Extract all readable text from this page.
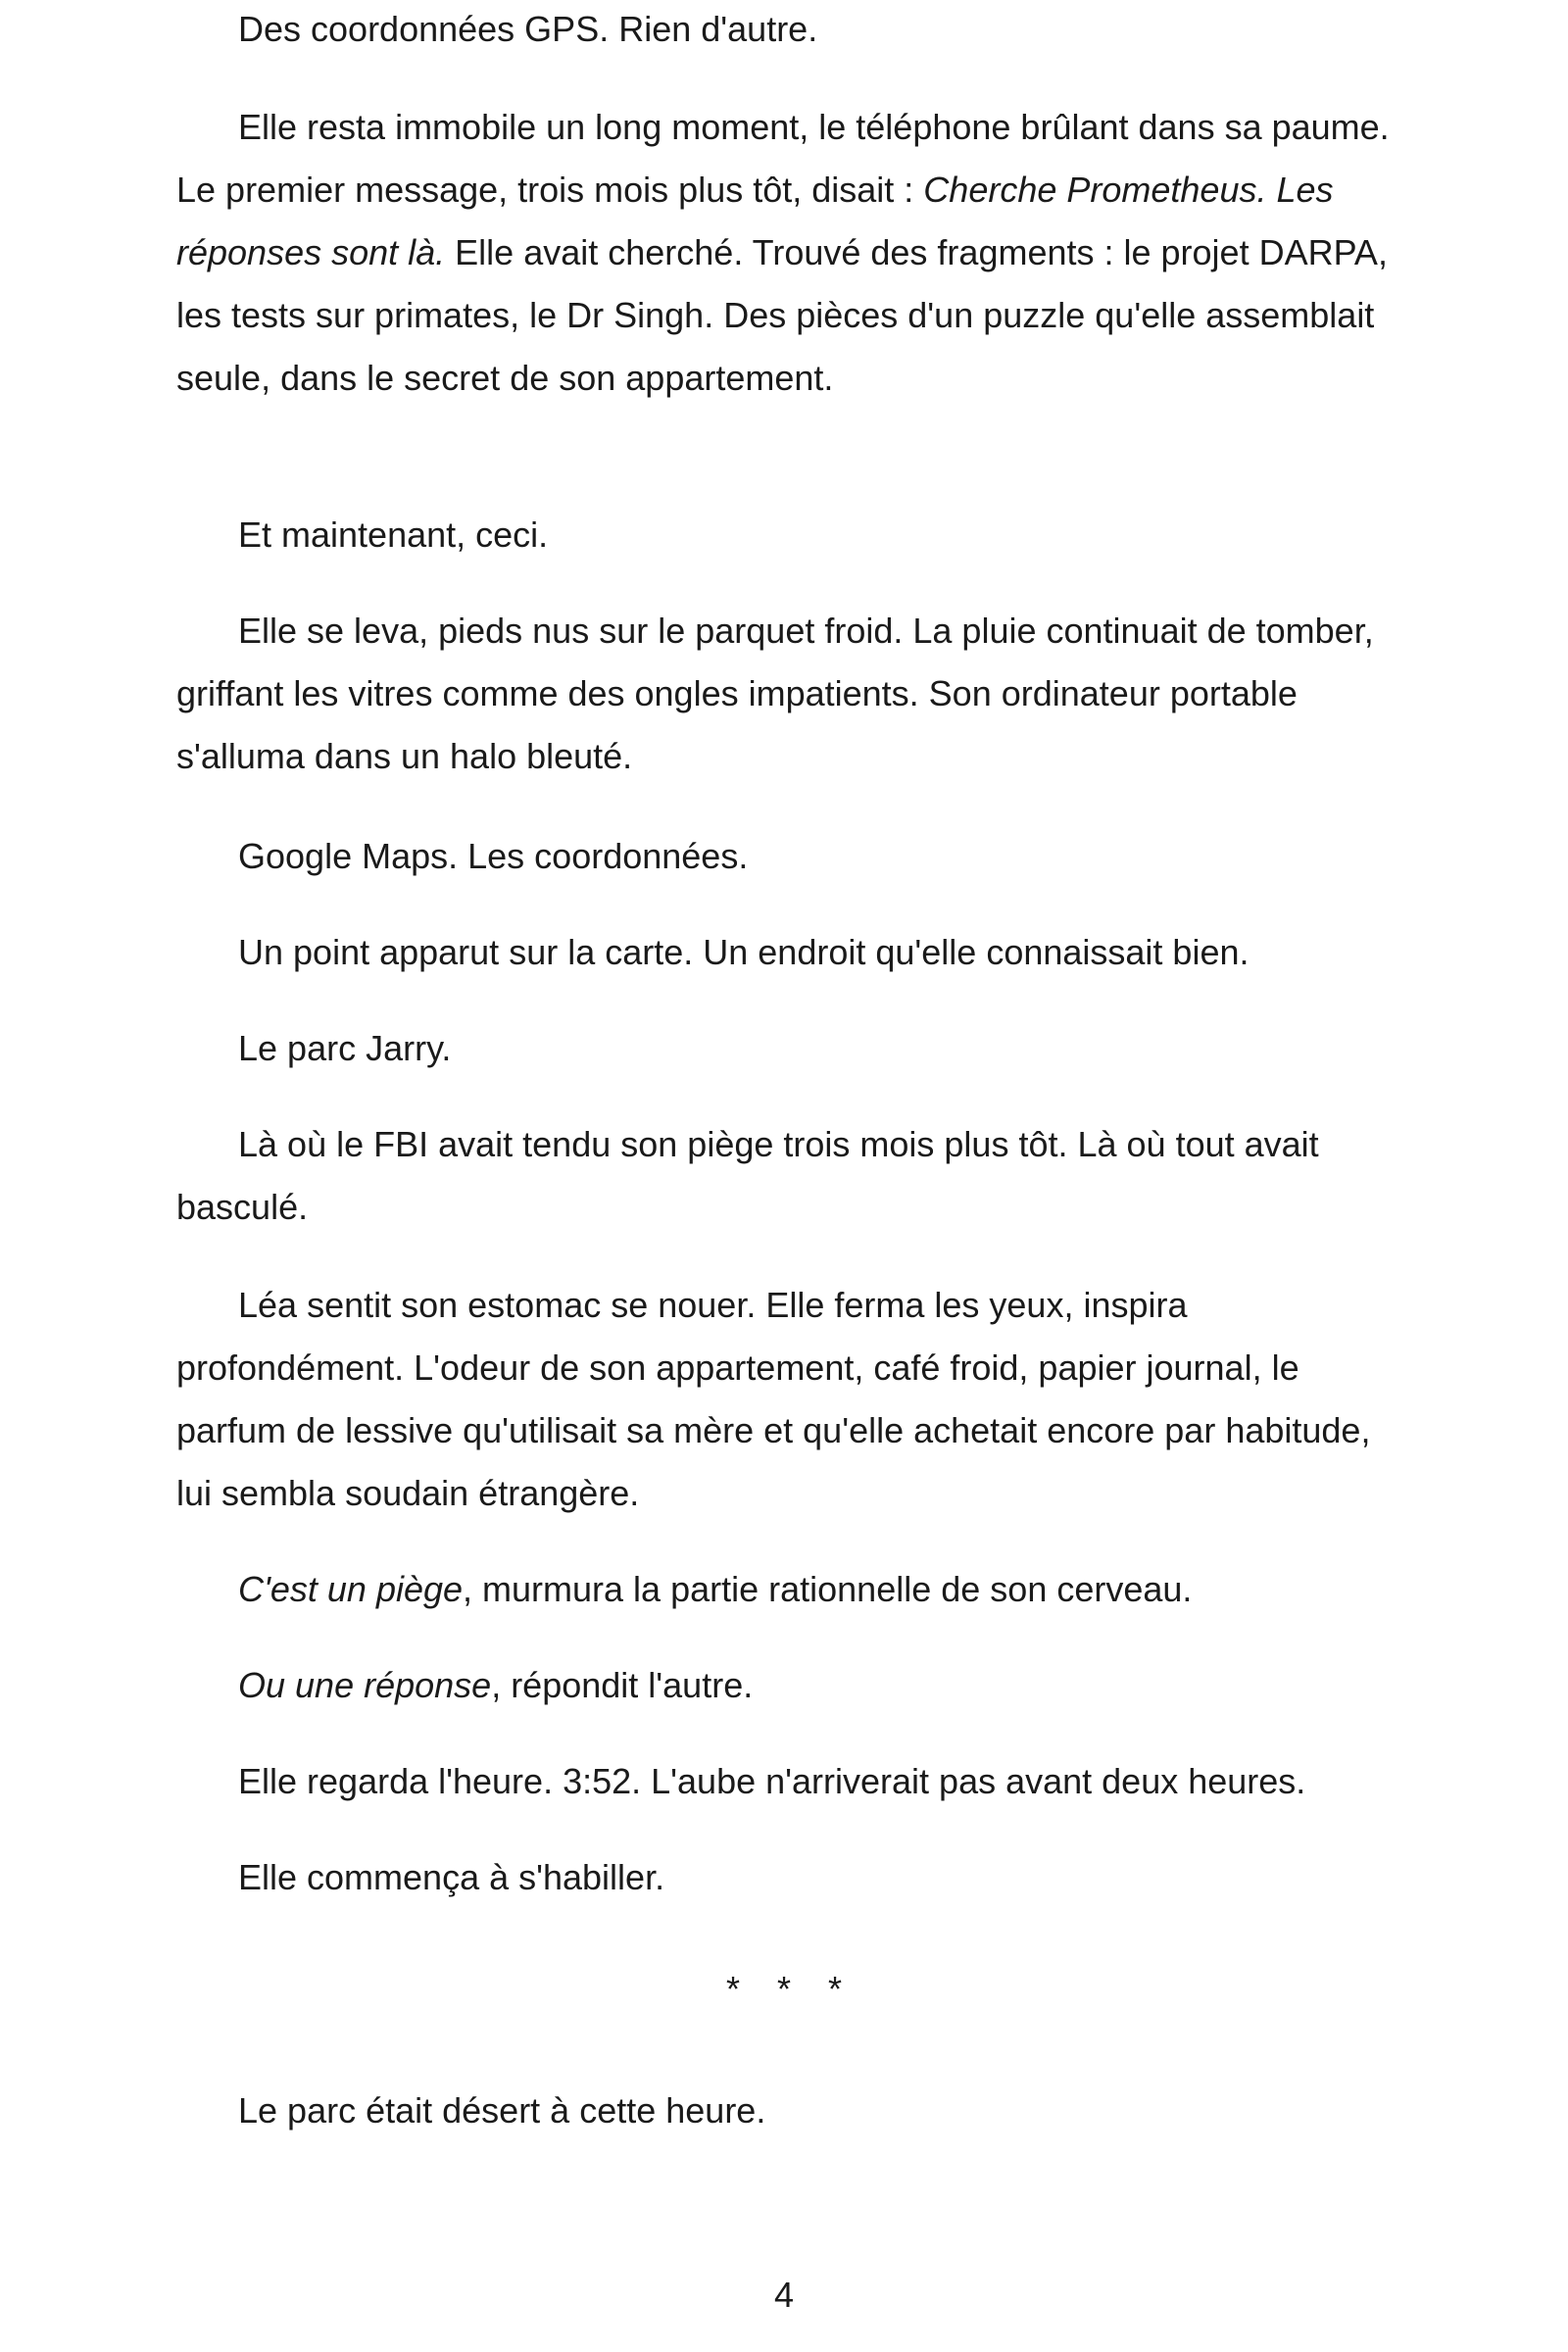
Des coordonnées GPS. Rien d'autre.

Elle resta immobile un long moment, le téléphone brûlant dans sa paume. Le premier message, trois mois plus tôt, disait : Cherche Prometheus. Les réponses sont là. Elle avait cherché. Trouvé des fragments : le projet DARPA, les tests sur primates, le Dr Singh. Des pièces d'un puzzle qu'elle assemblait seule, dans le secret de son appartement.

Et maintenant, ceci.

Elle se leva, pieds nus sur le parquet froid. La pluie continuait de tomber, griffant les vitres comme des ongles impatients. Son ordinateur portable s'alluma dans un halo bleuté.

Google Maps. Les coordonnées.

Un point apparut sur la carte. Un endroit qu'elle connaissait bien.

Le parc Jarry.

Là où le FBI avait tendu son piège trois mois plus tôt. Là où tout avait basculé.

Léa sentit son estomac se nouer. Elle ferma les yeux, inspira profondément. L'odeur de son appartement, café froid, papier journal, le parfum de lessive qu'utilisait sa mère et qu'elle achetait encore par habitude, lui sembla soudain étrangère.

C'est un piège, murmura la partie rationnelle de son cerveau.

Ou une réponse, répondit l'autre.

Elle regarda l'heure. 3:52. L'aube n'arriverait pas avant deux heures.

Elle commença à s'habiller.

* * *

Le parc était désert à cette heure.

4
